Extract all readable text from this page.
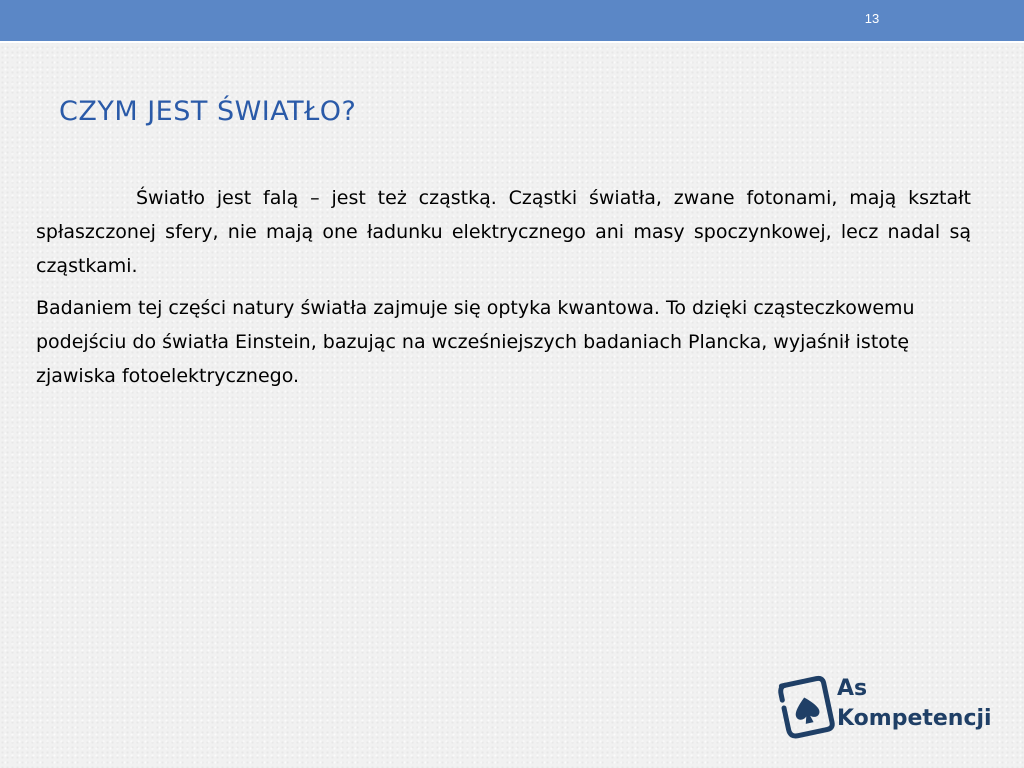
13
CZYM JEST ŚWIATŁO?

Światło jest falą – jest też cząstką. Cząstki światła, zwane fotonami, mają kształt spłaszczonej sfery, nie mają one ładunku elektrycznego ani masy spoczynkowej, lecz nadal są cząstkami.

Badaniem tej części natury światła zajmuje się optyka kwantowa. To dzięki cząsteczkowemu podejściu do światła Einstein, bazując na wcześniejszych badaniach Plancka, wyjaśnił istotę zjawiska fotoelektrycznego.

As
Kompetencji
